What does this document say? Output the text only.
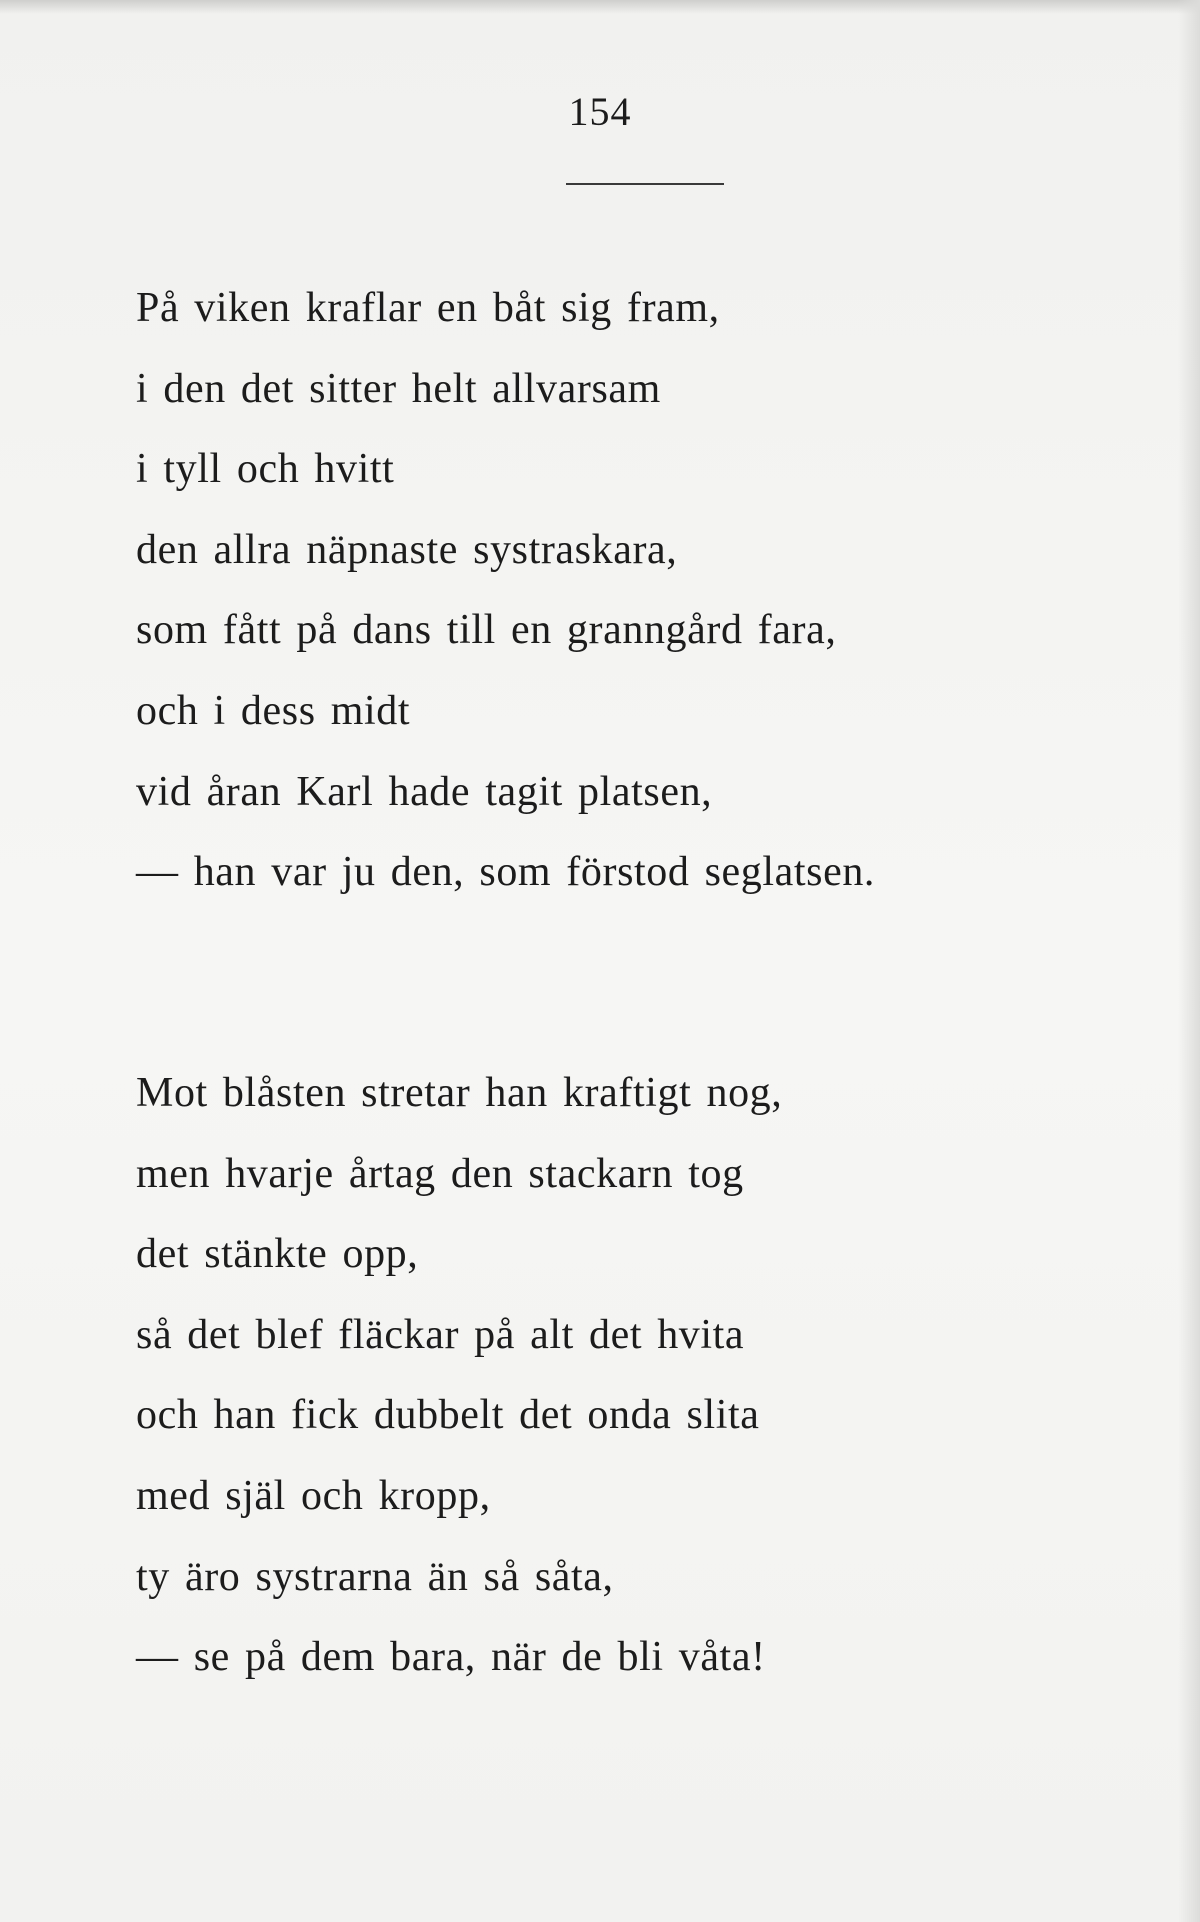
154
På viken kraflar en båt sig fram,
i den det sitter helt allvarsam
i tyll och hvitt
den allra näpnaste systraskara,
som fått på dans till en granngård fara,
och i dess midt
vid åran Karl hade tagit platsen,
— han var ju den, som förstod seglatsen.
Mot blåsten stretar han kraftigt nog,
men hvarje årtag den stackarn tog
det stänkte opp,
så det blef fläckar på alt det hvita
och han fick dubbelt det onda slita
med själ och kropp,
ty äro systrarna än så såta,
— se på dem bara, när de bli våta!
